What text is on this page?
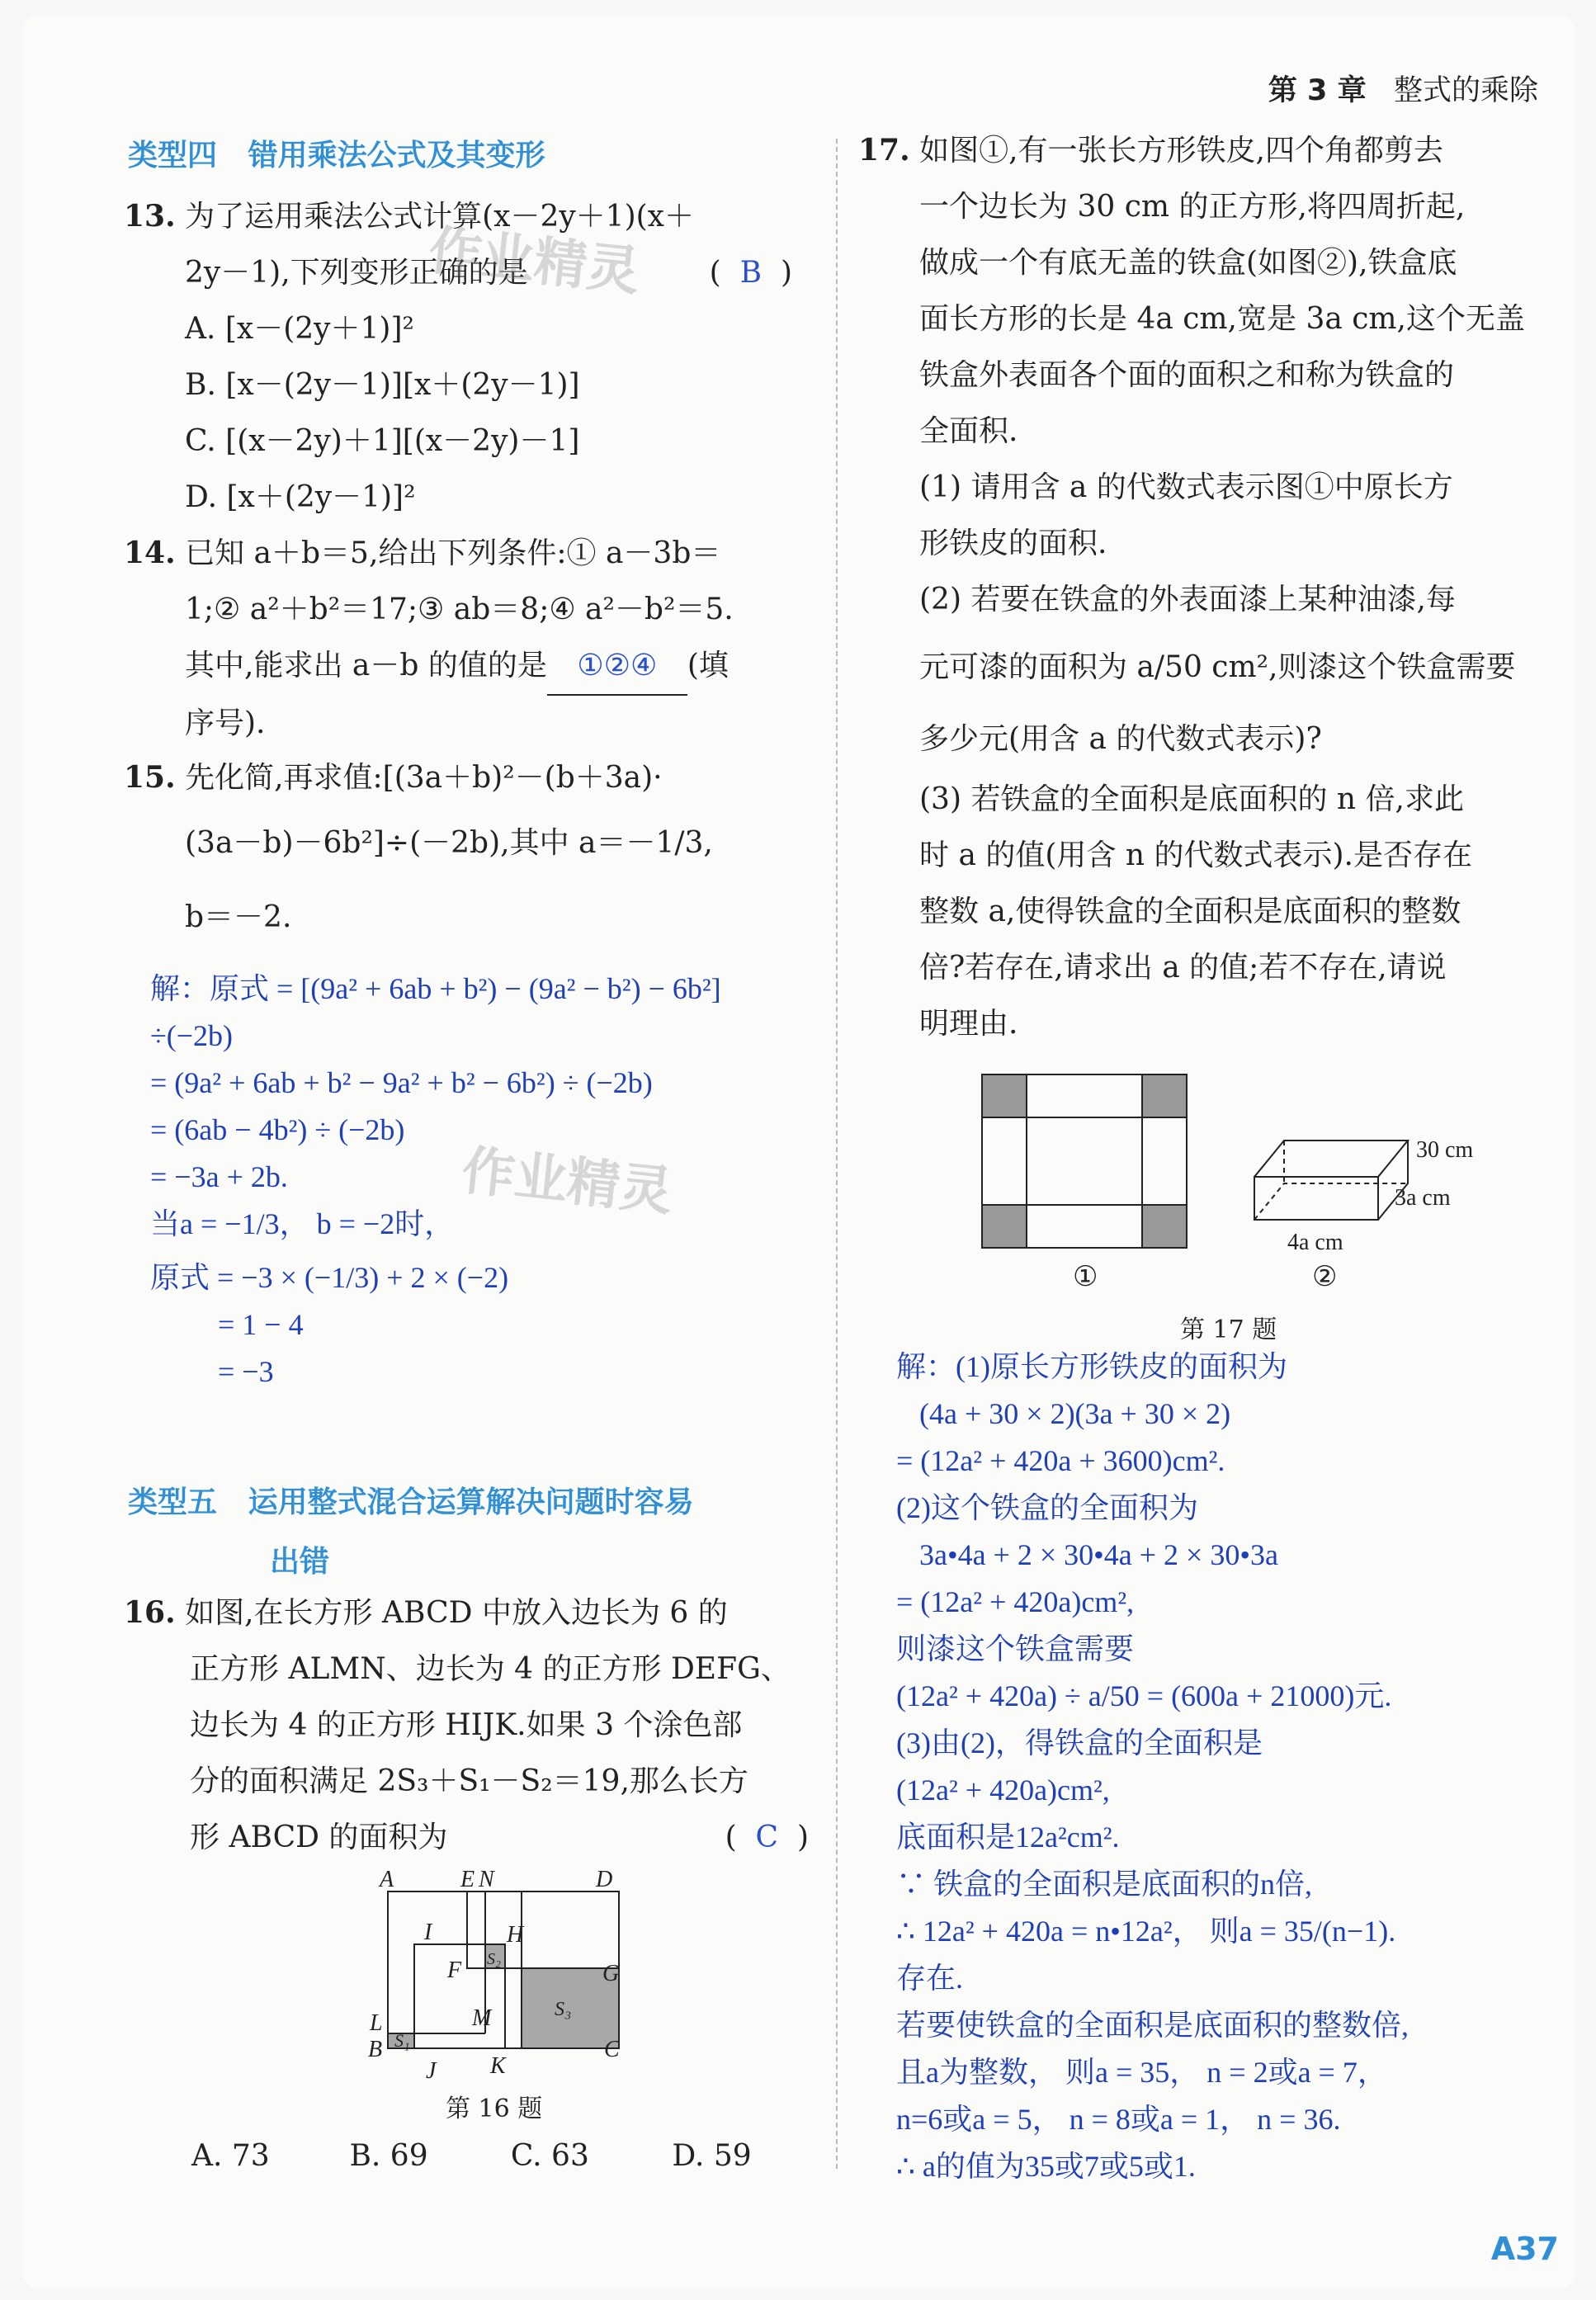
第 3 章 整式的乘除
类型四 错用乘法公式及其变形
13. 为了运用乘法公式计算(x－2y＋1)(x＋
2y－1),下列变形正确的是	(  B  )
A. [x－(2y＋1)]²
B. [x－(2y－1)][x＋(2y－1)]
C. [(x－2y)＋1][(x－2y)－1]
D. [x＋(2y－1)]²
作业精灵
14. 已知 a＋b＝5,给出下列条件:① a－3b＝
1;② a²＋b²＝17;③ ab＝8;④ a²－b²＝5.
其中,能求出 a－b 的值的是 ①②④ (填
序号).
15. 先化简,再求值:[(3a＋b)²－(b＋3a)·
(3a－b)－6b²]÷(－2b),其中 a＝－1/3,
b＝－2.
解：原式 = [(9a² + 6ab + b²) − (9a² − b²) − 6b²]
÷(−2b)
= (9a² + 6ab + b² − 9a² + b² − 6b²) ÷ (−2b)
= (6ab − 4b²) ÷ (−2b)
= −3a + 2b.
当a = −1/3， b = −2时，
原式 = −3 × (−1/3) + 2 × (−2)
= 1 − 4
= −3
作业精灵
类型五 运用整式混合运算解决问题时容易
出错
16. 如图,在长方形 ABCD 中放入边长为 6 的
正方形 ALMN、边长为 4 的正方形 DEFG、
边长为 4 的正方形 HIJK.如果 3 个涂色部
分的面积满足 2S₃＋S₁－S₂＝19,那么长方
形 ABCD 的面积为	(  C  )
A	E N	D
I	H
G
F
M
L
B
J K
C
S₁
S₂
S₃
第 16 题
A. 73	B. 69	C. 63	D. 59
17. 如图①,有一张长方形铁皮,四个角都剪去
一个边长为 30 cm 的正方形,将四周折起,
做成一个有底无盖的铁盒(如图②),铁盒底
面长方形的长是 4a cm,宽是 3a cm,这个无盖
铁盒外表面各个面的面积之和称为铁盒的
全面积.
(1) 请用含 a 的代数式表示图①中原长方
形铁皮的面积.
(2) 若要在铁盒的外表面漆上某种油漆,每
元可漆的面积为 a/50 cm²,则漆这个铁盒需要
多少元(用含 a 的代数式表示)?
(3) 若铁盒的全面积是底面积的 n 倍,求此
时 a 的值(用含 n 的代数式表示).是否存在
整数 a,使得铁盒的全面积是底面积的整数
倍?若存在,请求出 a 的值;若不存在,请说
明理由.
30 cm
3a cm
4a cm
①	②
第 17 题
解：(1)原长方形铁皮的面积为
(4a + 30 × 2)(3a + 30 × 2)
= (12a² + 420a + 3600)cm².
(2)这个铁盒的全面积为
3a•4a + 2 × 30•4a + 2 × 30•3a
= (12a² + 420a)cm²,
则漆这个铁盒需要
(12a² + 420a) ÷ a/50 = (600a + 21000)元.
(3)由(2)，得铁盒的全面积是
(12a² + 420a)cm²,
底面积是12a²cm².
∵ 铁盒的全面积是底面积的n倍,
∴ 12a² + 420a = n•12a²， 则a = 35/(n−1).
存在.
若要使铁盒的全面积是底面积的整数倍,
且a为整数， 则a = 35， n = 2或a = 7，
n=6或a = 5， n = 8或a = 1， n = 36.
∴ a的值为35或7或5或1.
A37
